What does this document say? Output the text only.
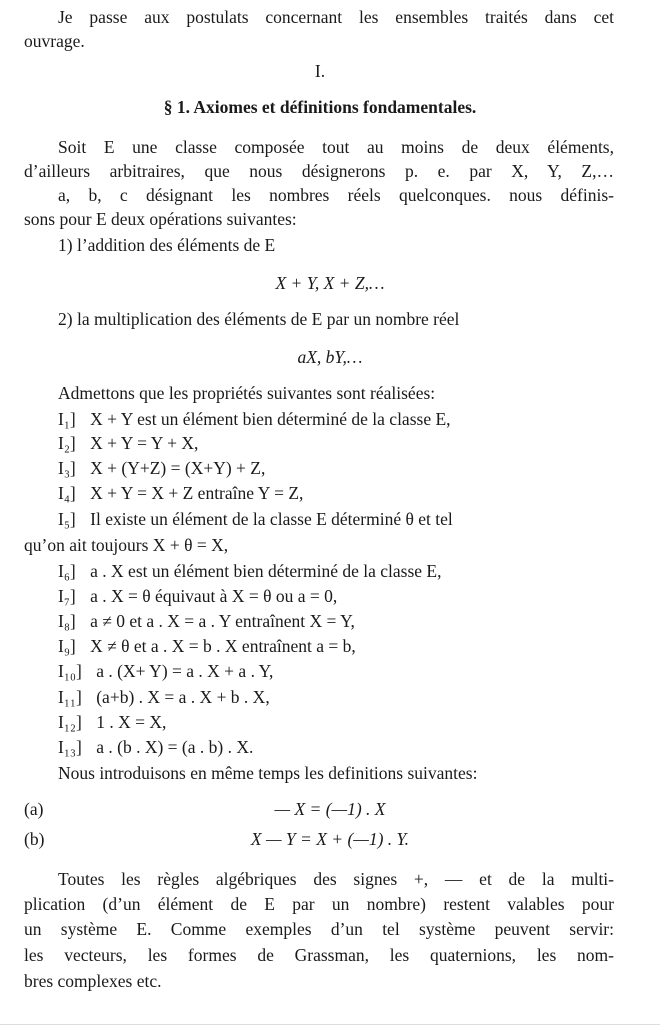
Je passe aux postulats concernant les ensembles traités dans cet
ouvrage.
I.
§ 1. Axiomes et définitions fondamentales.
Soit E une classe composée tout au moins de deux éléments,
d’ailleurs arbitraires, que nous désignerons p. e. par X, Y, Z,…
a, b, c désignant les nombres réels quelconques. nous définis-
sons pour E deux opérations suivantes:
1) l’addition des éléments de E
X + Y, X + Z,…
2) la multiplication des éléments de E par un nombre réel
aX, bY,…
Admettons que les propriétés suivantes sont réalisées:
I₁] X + Y est un élément bien déterminé de la classe E,
I₂] X + Y = Y + X,
I₃] X + (Y+Z) = (X+Y) + Z,
I₄] X + Y = X + Z entraîne Y = Z,
I₅] Il existe un élément de la classe E déterminé θ et tel
qu’on ait toujours X + θ = X,
I₆] a . X est un élément bien déterminé de la classe E,
I₇] a . X = θ équivaut à X = θ ou a = 0,
I₈] a ≠ 0 et a . X = a . Y entraînent X = Y,
I₉] X ≠ θ et a . X = b . X entraînent a = b,
I₁₀] a . (X+ Y) = a . X + a . Y,
I₁₁] (a+b) . X = a . X + b . X,
I₁₂] 1 . X = X,
I₁₃] a . (b . X) = (a . b) . X.
Nous introduisons en même temps les definitions suivantes:
(a)	— X = (—1) . X
(b)	X — Y = X + (—1) . Y.
Toutes les règles algébriques des signes +, — et de la multi-
plication (d’un élément de E par un nombre) restent valables pour
un système E. Comme exemples d’un tel système peuvent servir:
les vecteurs, les formes de Grassman, les quaternions, les nom-
bres complexes etc.
